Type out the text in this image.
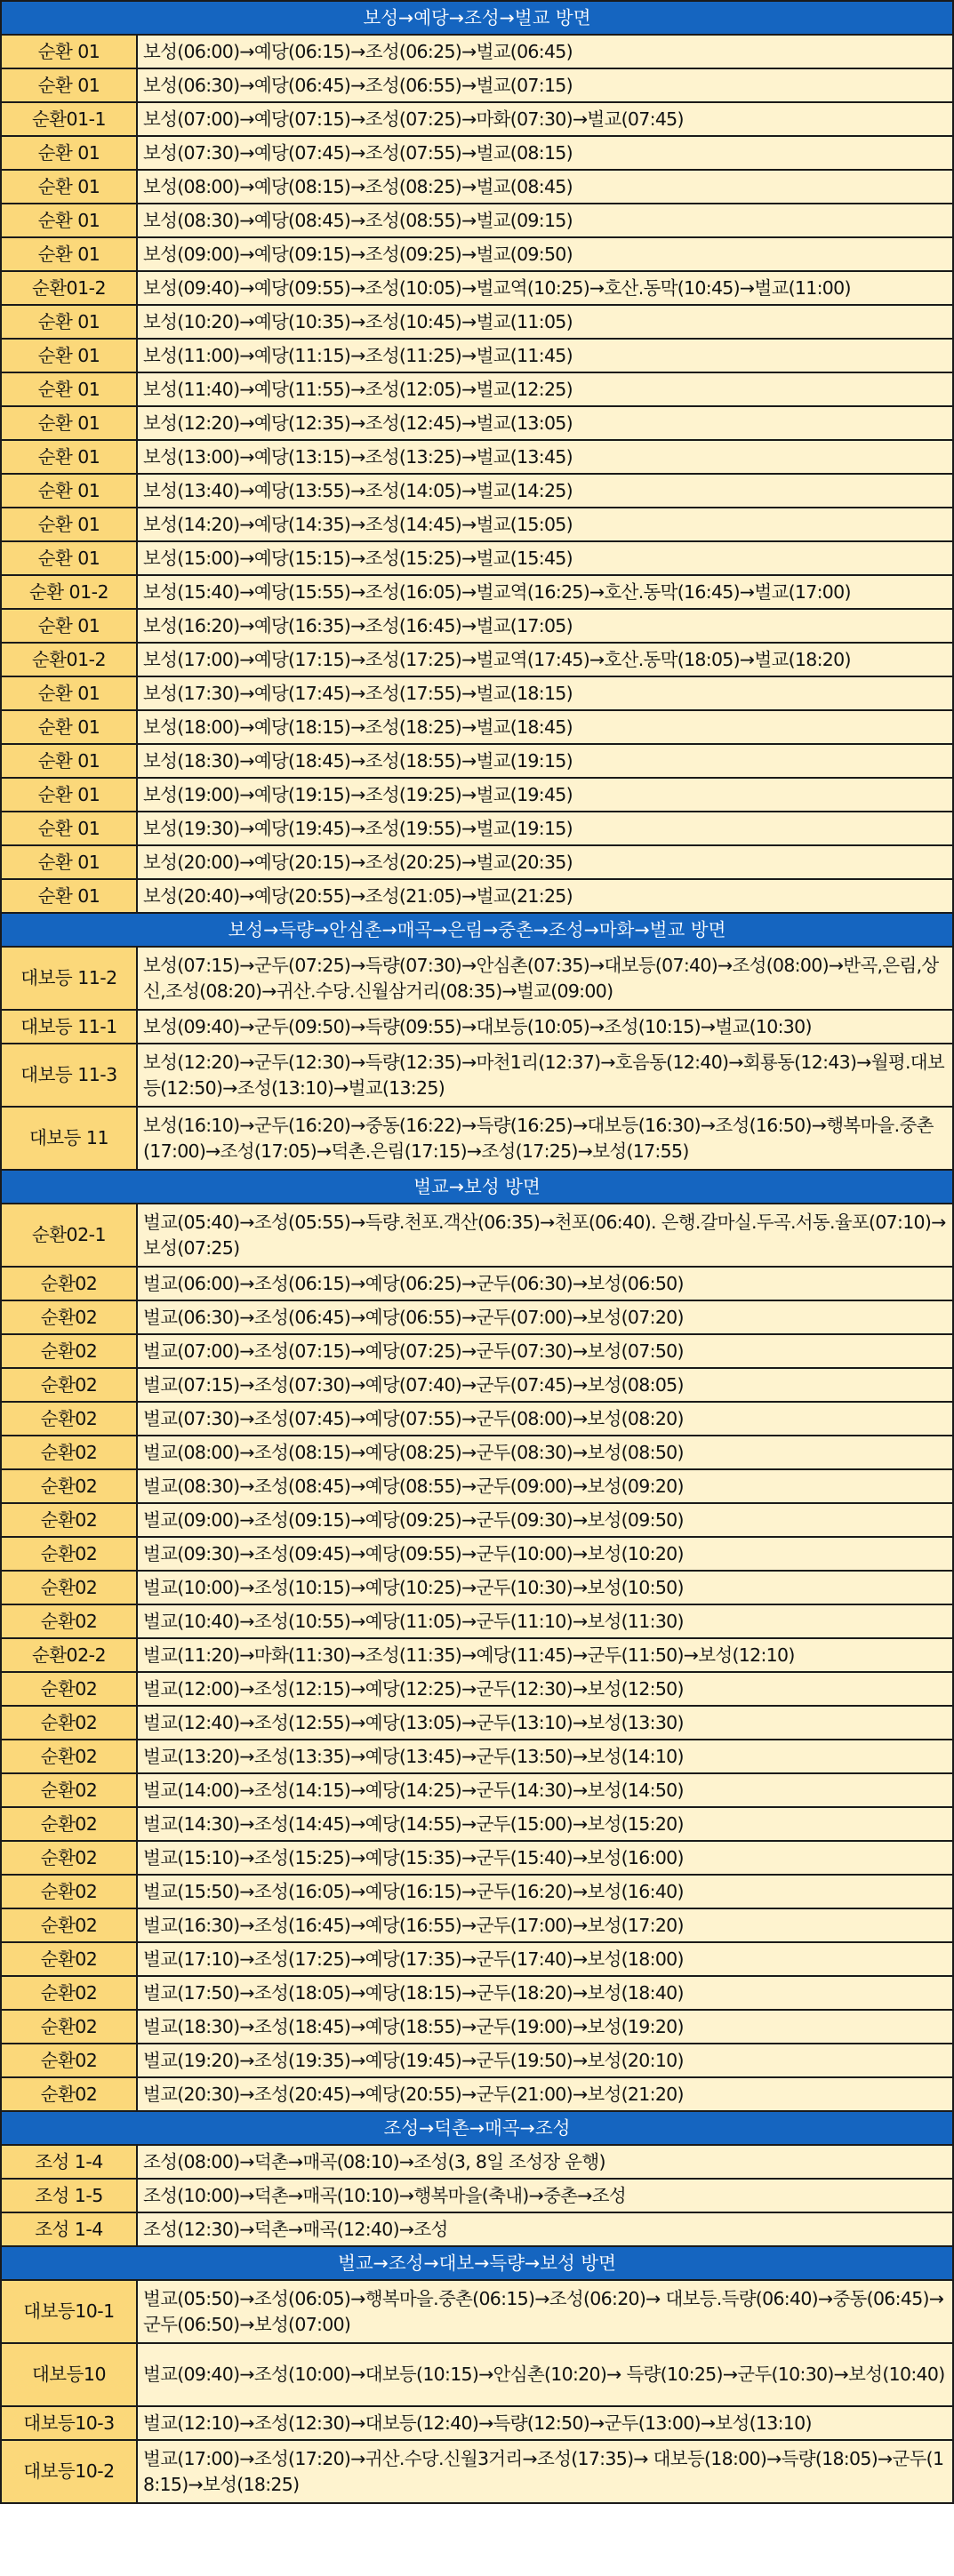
보성→예당→조성→벌교 방면	
순환 01	보성(06:00)→예당(06:15)→조성(06:25)→벌교(06:45)
순환 01	보성(06:30)→예당(06:45)→조성(06:55)→벌교(07:15)
순환01-1	보성(07:00)→예당(07:15)→조성(07:25)→마화(07:30)→벌교(07:45)
순환 01	보성(07:30)→예당(07:45)→조성(07:55)→벌교(08:15)
순환 01	보성(08:00)→예당(08:15)→조성(08:25)→벌교(08:45)
순환 01	보성(08:30)→예당(08:45)→조성(08:55)→벌교(09:15)
순환 01	보성(09:00)→예당(09:15)→조성(09:25)→벌교(09:50)
순환01-2	보성(09:40)→예당(09:55)→조성(10:05)→벌교역(10:25)→호산.동막(10:45)→벌교(11:00)
순환 01	보성(10:20)→예당(10:35)→조성(10:45)→벌교(11:05)
순환 01	보성(11:00)→예당(11:15)→조성(11:25)→벌교(11:45)
순환 01	보성(11:40)→예당(11:55)→조성(12:05)→벌교(12:25)
순환 01	보성(12:20)→예당(12:35)→조성(12:45)→벌교(13:05)
순환 01	보성(13:00)→예당(13:15)→조성(13:25)→벌교(13:45)
순환 01	보성(13:40)→예당(13:55)→조성(14:05)→벌교(14:25)
순환 01	보성(14:20)→예당(14:35)→조성(14:45)→벌교(15:05)
순환 01	보성(15:00)→예당(15:15)→조성(15:25)→벌교(15:45)
순환 01-2	보성(15:40)→예당(15:55)→조성(16:05)→벌교역(16:25)→호산.동막(16:45)→벌교(17:00)
순환 01	보성(16:20)→예당(16:35)→조성(16:45)→벌교(17:05)
순환01-2	보성(17:00)→예당(17:15)→조성(17:25)→벌교역(17:45)→호산.동막(18:05)→벌교(18:20)
순환 01	보성(17:30)→예당(17:45)→조성(17:55)→벌교(18:15)
순환 01	보성(18:00)→예당(18:15)→조성(18:25)→벌교(18:45)
순환 01	보성(18:30)→예당(18:45)→조성(18:55)→벌교(19:15)
순환 01	보성(19:00)→예당(19:15)→조성(19:25)→벌교(19:45)
순환 01	보성(19:30)→예당(19:45)→조성(19:55)→벌교(19:15)
순환 01	보성(20:00)→예당(20:15)→조성(20:25)→벌교(20:35)
순환 01	보성(20:40)→예당(20:55)→조성(21:05)→벌교(21:25)
보성→득량→안심촌→매곡→은림→중촌→조성→마화→벌교 방면	
대보등 11-2	보성(07:15)→군두(07:25)→득량(07:30)→안심촌(07:35)→대보등(07:40)→조성(08:00)→반곡,은림,상신,조성(08:20)→귀산.수당.신월삼거리(08:35)→벌교(09:00)
대보등 11-1	보성(09:40)→군두(09:50)→득량(09:55)→대보등(10:05)→조성(10:15)→벌교(10:30)
대보등 11-3	보성(12:20)→군두(12:30)→득량(12:35)→마천1리(12:37)→호음동(12:40)→회룡동(12:43)→월평.대보등(12:50)→조성(13:10)→벌교(13:25)
대보등 11	보성(16:10)→군두(16:20)→중동(16:22)→득량(16:25)→대보등(16:30)→조성(16:50)→행복마을.중촌(17:00)→조성(17:05)→덕촌.은림(17:15)→조성(17:25)→보성(17:55)
벌교→보성 방면	
순환02-1	벌교(05:40)→조성(05:55)→득량.천포.객산(06:35)→천포(06:40). 은행.갈마실.두곡.서동.율포(07:10)→보성(07:25)
순환02	벌교(06:00)→조성(06:15)→예당(06:25)→군두(06:30)→보성(06:50)
순환02	벌교(06:30)→조성(06:45)→예당(06:55)→군두(07:00)→보성(07:20)
순환02	벌교(07:00)→조성(07:15)→예당(07:25)→군두(07:30)→보성(07:50)
순환02	벌교(07:15)→조성(07:30)→예당(07:40)→군두(07:45)→보성(08:05)
순환02	벌교(07:30)→조성(07:45)→예당(07:55)→군두(08:00)→보성(08:20)
순환02	벌교(08:00)→조성(08:15)→예당(08:25)→군두(08:30)→보성(08:50)
순환02	벌교(08:30)→조성(08:45)→예당(08:55)→군두(09:00)→보성(09:20)
순환02	벌교(09:00)→조성(09:15)→예당(09:25)→군두(09:30)→보성(09:50)
순환02	벌교(09:30)→조성(09:45)→예당(09:55)→군두(10:00)→보성(10:20)
순환02	벌교(10:00)→조성(10:15)→예당(10:25)→군두(10:30)→보성(10:50)
순환02	벌교(10:40)→조성(10:55)→예당(11:05)→군두(11:10)→보성(11:30)
순환02-2	벌교(11:20)→마화(11:30)→조성(11:35)→예당(11:45)→군두(11:50)→보성(12:10)
순환02	벌교(12:00)→조성(12:15)→예당(12:25)→군두(12:30)→보성(12:50)
순환02	벌교(12:40)→조성(12:55)→예당(13:05)→군두(13:10)→보성(13:30)
순환02	벌교(13:20)→조성(13:35)→예당(13:45)→군두(13:50)→보성(14:10)
순환02	벌교(14:00)→조성(14:15)→예당(14:25)→군두(14:30)→보성(14:50)
순환02	벌교(14:30)→조성(14:45)→예당(14:55)→군두(15:00)→보성(15:20)
순환02	벌교(15:10)→조성(15:25)→예당(15:35)→군두(15:40)→보성(16:00)
순환02	벌교(15:50)→조성(16:05)→예당(16:15)→군두(16:20)→보성(16:40)
순환02	벌교(16:30)→조성(16:45)→예당(16:55)→군두(17:00)→보성(17:20)
순환02	벌교(17:10)→조성(17:25)→예당(17:35)→군두(17:40)→보성(18:00)
순환02	벌교(17:50)→조성(18:05)→예당(18:15)→군두(18:20)→보성(18:40)
순환02	벌교(18:30)→조성(18:45)→예당(18:55)→군두(19:00)→보성(19:20)
순환02	벌교(19:20)→조성(19:35)→예당(19:45)→군두(19:50)→보성(20:10)
순환02	벌교(20:30)→조성(20:45)→예당(20:55)→군두(21:00)→보성(21:20)
조성→덕촌→매곡→조성	
조성 1-4	조성(08:00)→덕촌→매곡(08:10)→조성(3, 8일 조성장 운행)
조성 1-5	조성(10:00)→덕촌→매곡(10:10)→행복마을(축내)→중촌→조성
조성 1-4	조성(12:30)→덕촌→매곡(12:40)→조성
벌교→조성→대보→득량→보성 방면	
대보등10-1	벌교(05:50)→조성(06:05)→행복마을.중촌(06:15)→조성(06:20)→ 대보등.득량(06:40)→중동(06:45)→군두(06:50)→보성(07:00)
대보등10	벌교(09:40)→조성(10:00)→대보등(10:15)→안심촌(10:20)→ 득량(10:25)→군두(10:30)→보성(10:40)
대보등10-3	벌교(12:10)→조성(12:30)→대보등(12:40)→득량(12:50)→군두(13:00)→보성(13:10)
대보등10-2	벌교(17:00)→조성(17:20)→귀산.수당.신월3거리→조성(17:35)→ 대보등(18:00)→득량(18:05)→군두(18:15)→보성(18:25)
